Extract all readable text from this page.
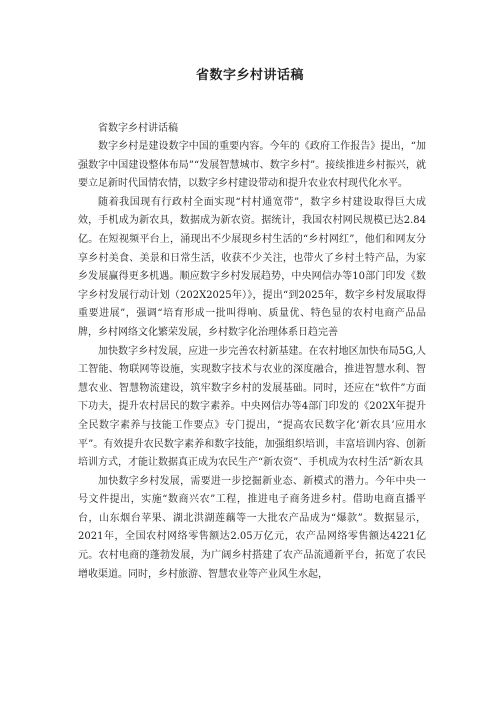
省数字乡村讲话稿

省数字乡村讲话稿

数字乡村是建设数字中国的重要内容。今年的《政府工作报告》提出，“加强数字中国建设整体布局”“发展智慧城市、数字乡村”。接续推进乡村振兴，就要立足新时代国情农情，以数字乡村建设带动和提升农业农村现代化水平。

随着我国现有行政村全面实现“村村通宽带”，数字乡村建设取得巨大成效，手机成为新农具，数据成为新农资。据统计，我国农村网民规模已达2.84亿。在短视频平台上，涌现出不少展现乡村生活的“乡村网红”，他们和网友分享乡村美食、美景和日常生活，收获不少关注，也带火了乡村土特产品，为家乡发展赢得更多机遇。顺应数字乡村发展趋势，中央网信办等10部门印发《数字乡村发展行动计划（202X2025年）》，提出“到2025年，数字乡村发展取得重要进展”，强调“培育形成一批叫得响、质量优、特色显的农村电商产品品牌，乡村网络文化繁荣发展，乡村数字化治理体系日趋完善

加快数字乡村发展，应进一步完善农村新基建。在农村地区加快布局5G,人工智能、物联网等设施，实现数字技术与农业的深度融合，推进智慧水利、智慧农业、智慧物流建设，筑牢数字乡村的发展基础。同时，还应在“软件”方面下功夫，提升农村居民的数字素养。中央网信办等4部门印发的《202X年提升全民数字素养与技能工作要点》专门提出，“提高农民数字化‘新农具’应用水平”。有效提升农民数字素养和数字技能，加强组织培训，丰富培训内容、创新培训方式，才能让数据真正成为农民生产“新农资”、手机成为农村生活“新农具

加快数字乡村发展，需要进一步挖掘新业态、新模式的潜力。今年中央一号文件提出，实施“数商兴农”工程，推进电子商务进乡村。借助电商直播平台，山东烟台苹果、湖北洪湖莲藕等一大批农产品成为“爆款”。数据显示，2021年，全国农村网络零售额达2.05万亿元，农产品网络零售额达4221亿元。农村电商的蓬勃发展，为广阔乡村搭建了农产品流通新平台，拓宽了农民增收渠道。同时，乡村旅游、智慧农业等产业风生水起，
